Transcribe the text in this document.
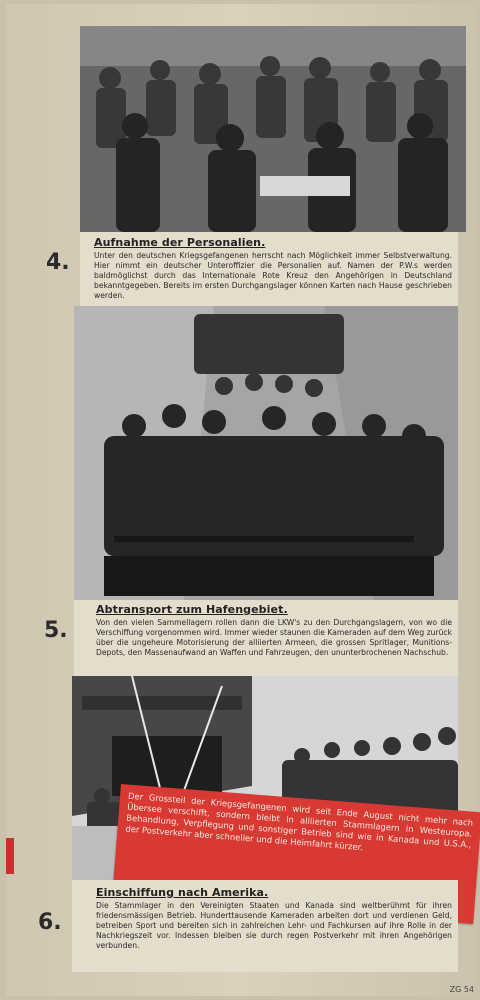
4.
Aufnahme der Personalien.

Unter den deutschen Kriegsgefangenen herrscht nach Möglichkeit immer Selbstverwaltung. Hier nimmt ein deutscher Unteroffizier die Personalien auf. Namen der P.W.s werden baldmöglichst durch das Internationale Rote Kreuz den Angehörigen in Deutschland bekanntgegeben. Bereits im ersten Durchgangslager können Karten nach Hause geschrieben werden.

5.
Abtransport zum Hafengebiet.

Von den vielen Sammellagern rollen dann die LKW's zu den Durchgangslagern, von wo die Verschiffung vorgenommen wird. Immer wieder staunen die Kameraden auf dem Weg zurück über die ungeheure Motorisierung der alliierten Armeen, die grossen Spritlager, Munitions-Depots, den Massenaufwand an Waffen und Fahrzeugen, den ununterbrochenen Nachschub.

Der Grossteil der Kriegsgefangenen wird seit Ende August nicht mehr nach Übersee verschifft, sondern bleibt in alliierten Stammlagern in Westeuropa. Behandlung, Verpflegung und sonstiger Betrieb sind wie in Kanada und U.S.A., der Postverkehr aber schneller und die Heimfahrt kürzer.

6.
Einschiffung nach Amerika.

Die Stammlager in den Vereinigten Staaten und Kanada sind weltberühmt für ihren friedensmässigen Betrieb. Hunderttausende Kameraden arbeiten dort und verdienen Geld, betreiben Sport und bereiten sich in zahlreichen Lehr- und Fachkursen auf ihre Rolle in der Nachkriegszeit vor. Indessen bleiben sie durch regen Postverkehr mit ihren Angehörigen verbunden.

ZG 54
